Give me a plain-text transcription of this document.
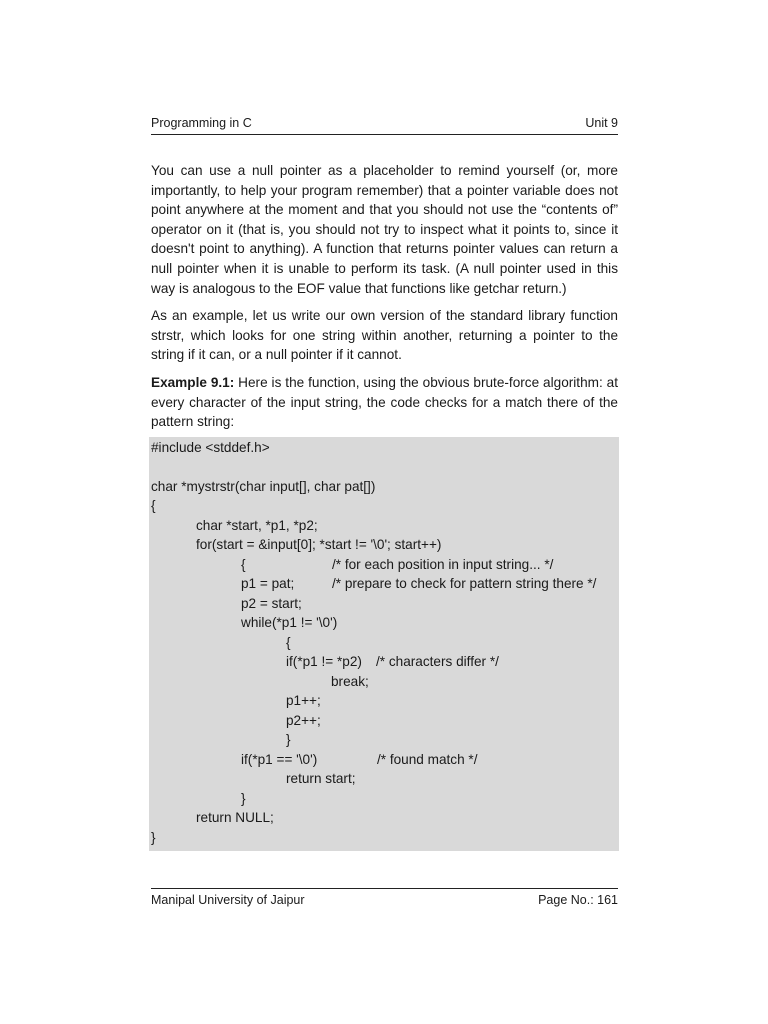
Programming in C	Unit 9

You can use a null pointer as a placeholder to remind yourself (or, more importantly, to help your program remember) that a pointer variable does not point anywhere at the moment and that you should not use the “contents of” operator on it (that is, you should not try to inspect what it points to, since it doesn't point to anything). A function that returns pointer values can return a null pointer when it is unable to perform its task. (A null pointer used in this way is analogous to the EOF value that functions like getchar return.)

As an example, let us write our own version of the standard library function strstr, which looks for one string within another, returning a pointer to the string if it can, or a null pointer if it cannot.

Example 9.1: Here is the function, using the obvious brute-force algorithm: at every character of the input string, the code checks for a match there of the pattern string:

#include <stddef.h>
char *mystrstr(char input[], char pat[])
{
char *start, *p1, *p2;
for(start = &input[0]; *start != '\0'; start++)
{	/* for each position in input string... */
p1 = pat;	/* prepare to check for pattern string there */
p2 = start;
while(*p1 != '\0')
{
if(*p1 != *p2) /* characters differ */
break;
p1++;
p2++;
}
if(*p1 == '\0')	/* found match */
return start;
}
return NULL;
}
Manipal University of Jaipur	Page No.: 161
